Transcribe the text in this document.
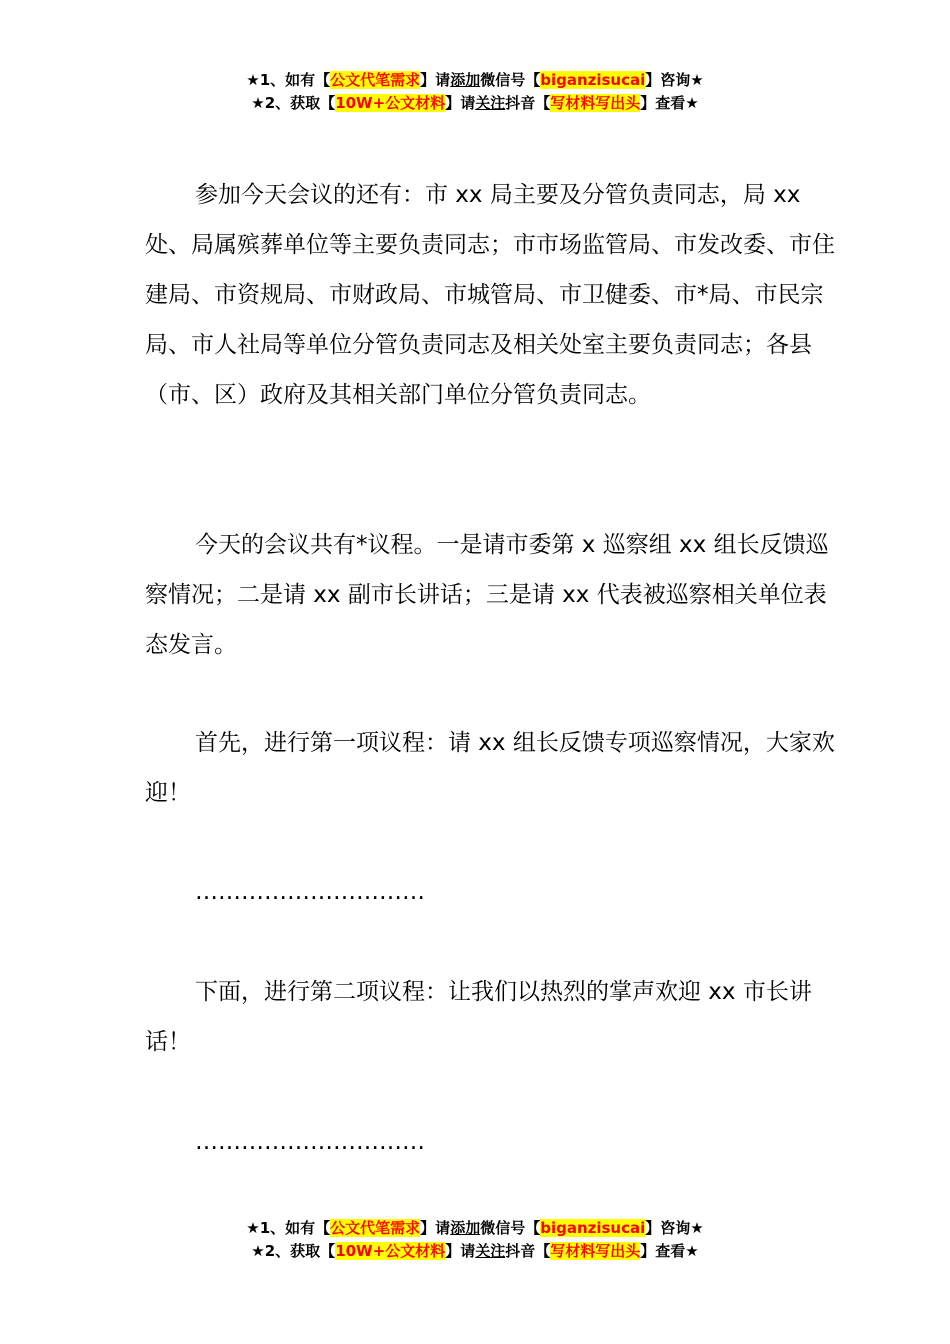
★1、如有【公文代笔需求】请添加微信号【biganzisucai】咨询★
★2、获取【10W+公文材料】请关注抖音【写材料写出头】查看★

参加今天会议的还有：市 xx 局主要及分管负责同志，局 xx 处、局属殡葬单位等主要负责同志；市市场监管局、市发改委、市住建局、市资规局、市财政局、市城管局、市卫健委、市*局、市民宗局、市人社局等单位分管负责同志及相关处室主要负责同志；各县（市、区）政府及其相关部门单位分管负责同志。

今天的会议共有*议程。一是请市委第 x 巡察组 xx 组长反馈巡察情况；二是请 xx 副市长讲话；三是请 xx 代表被巡察相关单位表态发言。

首先，进行第一项议程：请 xx 组长反馈专项巡察情况，大家欢迎！

…………………………

下面，进行第二项议程：让我们以热烈的掌声欢迎 xx 市长讲话！

…………………………

★1、如有【公文代笔需求】请添加微信号【biganzisucai】咨询★
★2、获取【10W+公文材料】请关注抖音【写材料写出头】查看★
